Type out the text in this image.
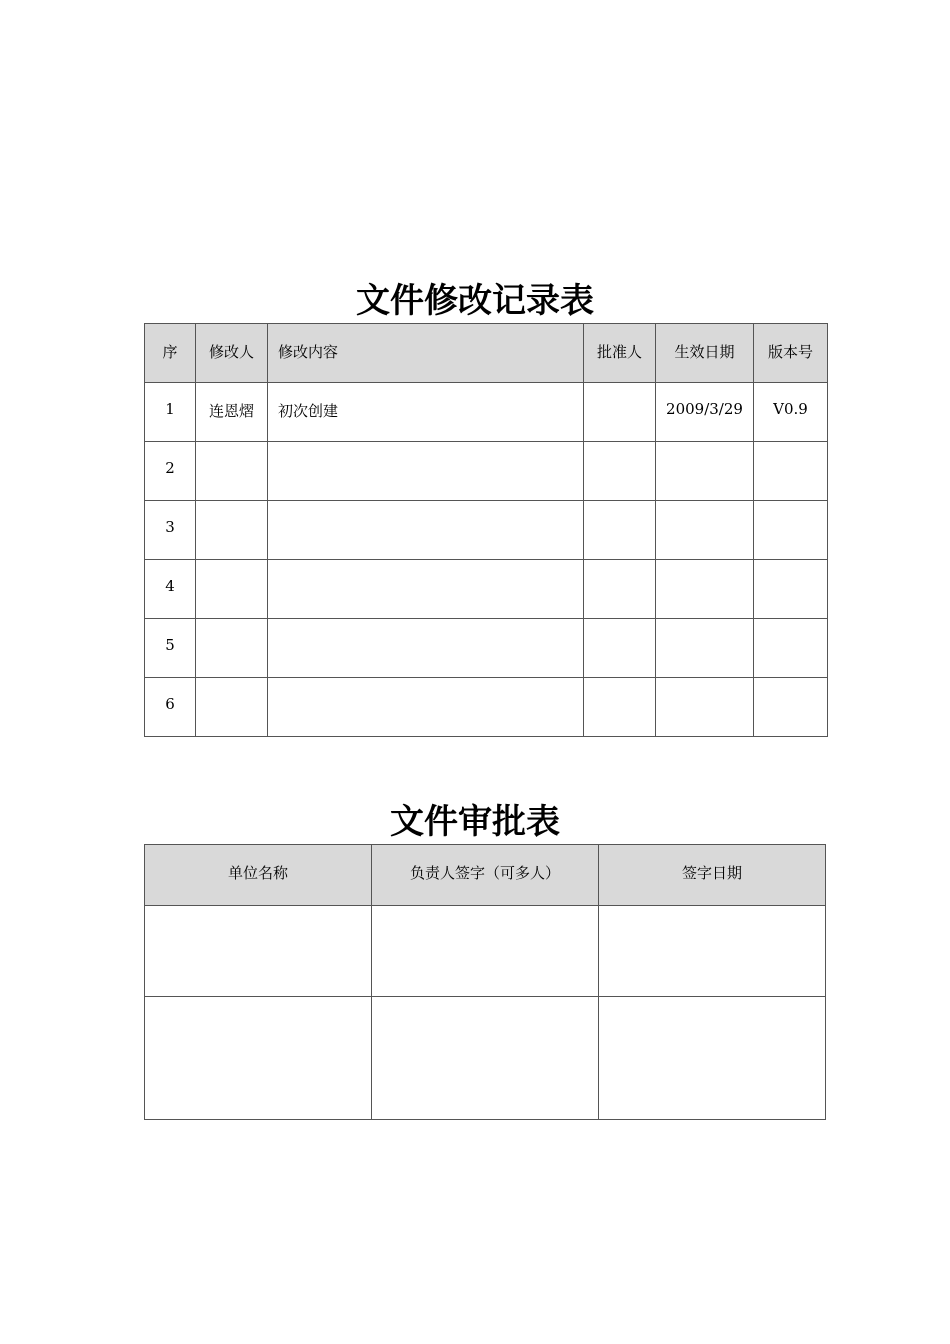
文件修改记录表
序	修改人	修改内容	批准人	生效日期	版本号
1	连恩熠	初次创建		2009/3/29	V0.9
2					
3					
4					
5					
6					
文件审批表
单位名称	负责人签字（可多人）	签字日期
